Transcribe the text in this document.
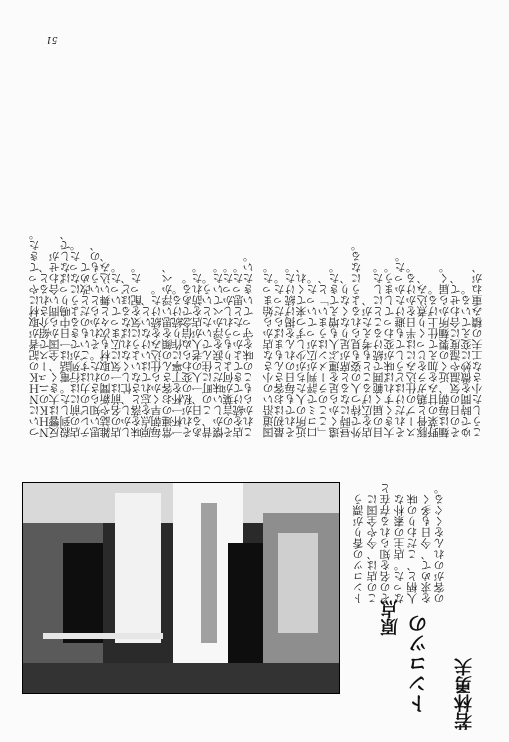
51
ついにＮＨＫの記者が取材にやってきた。
ＮＨＫのニュースで紹介されると、
反響は大きく、全国から問い合わせが
殺到した。電話は一日中鳴りっぱなしで、
店の前には行列ができるようになった。
テレビの力はすごいものだと改めて
思い知らされた。それからというもの、
雑誌や新聞の取材も次々と舞い込み、
店の名前は一気に広まっていった。
しかし、忙しくなればなるほど、
味を落とさないように気を配った。
原点を忘れてはいけないと、
毎朝早くから仕込みを続けた。
常連のお客さんの顔を思い浮かべ、
一杯一杯を丁寧に作り続ける。
それが私の変わらぬ信念である。
ある日、一人の老人が店を訪れた。
昔、この町に住んでいたという。
懐かしい味だと涙を浮かべていた。
その言葉が何よりもうれしかった。
店を続けてきてよかったと思った。
これからもこの味を守っていきたい。 国道沿いの小さな店から始まった。
最初はお客さんもまばらだった。
それでも毎日のれんを掲げ続けた。
近所の人たちが少しずつ来てくれ、
口コミで評判が広がっていった。
「ここのラーメンはうまい」と、
遠くから足を運ぶ人も増えてきた。
昼時になると席が足りなくなり、
外で待つ人の姿も見られるようになる。
店を広げることも考えたが、
目の届く範囲で続けることにした。
大きくすれば味が変わってしまう。
それだけはどうしても避けたかった。
スープの仕込みには半日をかける。
豚骨と鶏ガラをじっくり煮込み、
野菜の甘みを加えて仕上げる。
麺は毎朝、近くの製麺所から届く。
その日の気温や湿度に合わせて、
ゆで時間を微妙に変えている。
こうした小さな工夫の積み重ねが、
トンコツの香りが漂う この店は、今や全国に その名を知られる存在と なった。店主の素朴な 人柄と、こだわりの味 を求めて、今日も多く の客がのれんをくぐる。
トンコツの
原点
若林勇夫
